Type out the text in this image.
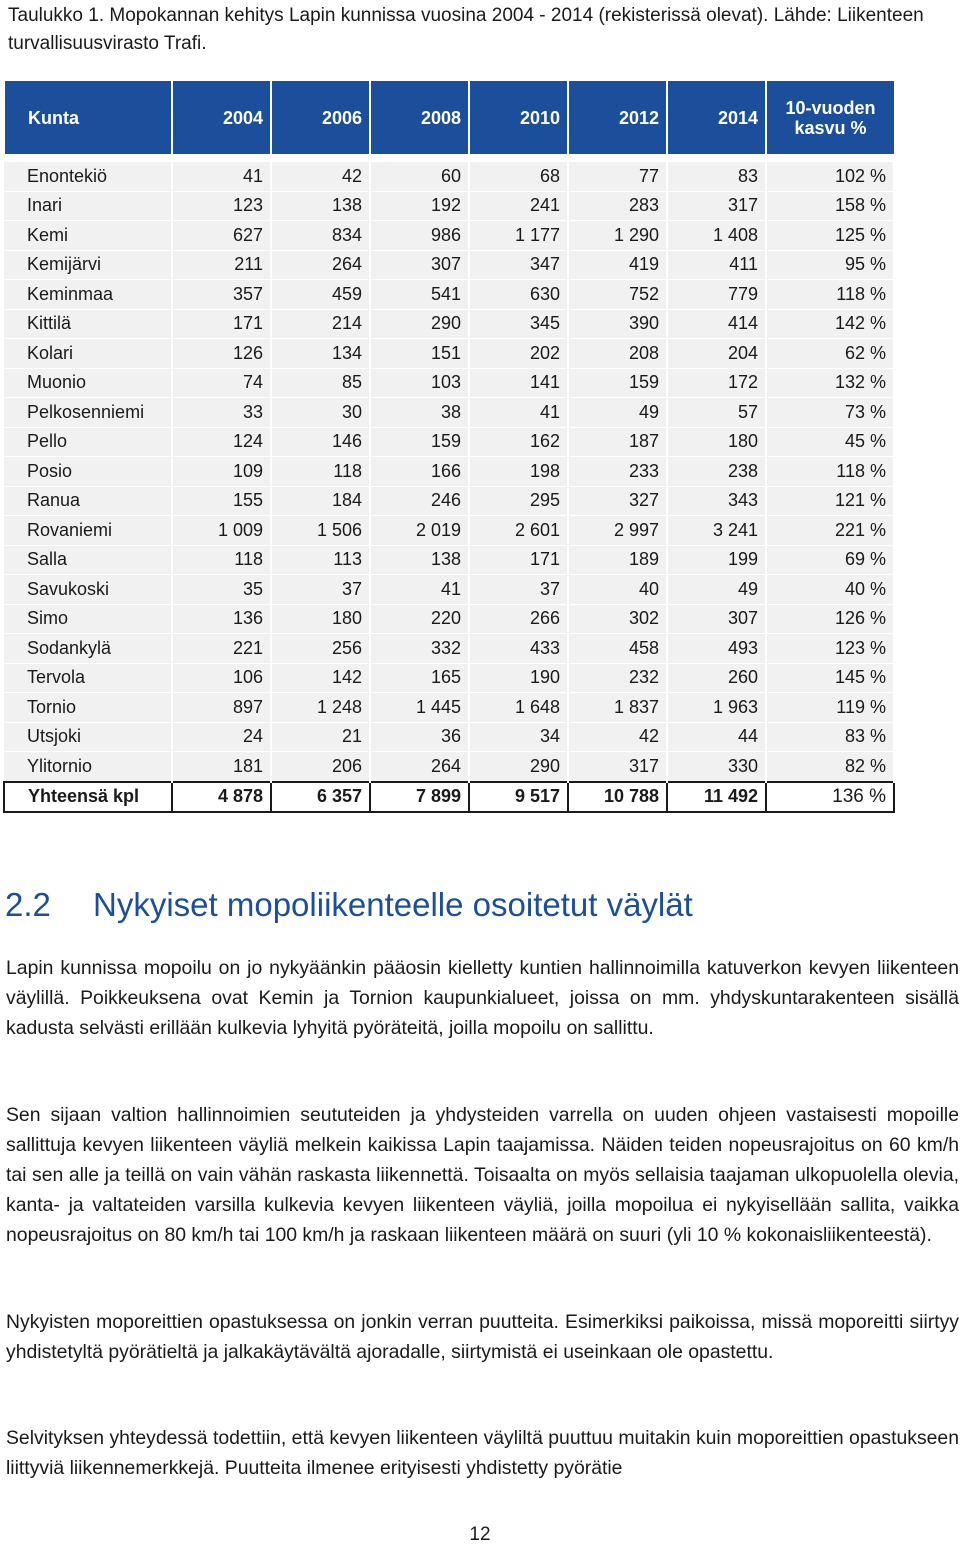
Taulukko 1. Mopokannan kehitys Lapin kunnissa vuosina 2004 - 2014 (rekisterissä olevat). Lähde: Liikenteen turvallisuusvirasto Trafi.
Kunta	2004	2006	2008	2010	2012	2014	10-vuoden
kasvu %

Enontekiö	41	42	60	68	77	83	102 %
Inari	123	138	192	241	283	317	158 %
Kemi	627	834	986	1 177	1 290	1 408	125 %
Kemijärvi	211	264	307	347	419	411	95 %
Keminmaa	357	459	541	630	752	779	118 %
Kittilä	171	214	290	345	390	414	142 %
Kolari	126	134	151	202	208	204	62 %
Muonio	74	85	103	141	159	172	132 %
Pelkosenniemi	33	30	38	41	49	57	73 %
Pello	124	146	159	162	187	180	45 %
Posio	109	118	166	198	233	238	118 %
Ranua	155	184	246	295	327	343	121 %
Rovaniemi	1 009	1 506	2 019	2 601	2 997	3 241	221 %
Salla	118	113	138	171	189	199	69 %
Savukoski	35	37	41	37	40	49	40 %
Simo	136	180	220	266	302	307	126 %
Sodankylä	221	256	332	433	458	493	123 %
Tervola	106	142	165	190	232	260	145 %
Tornio	897	1 248	1 445	1 648	1 837	1 963	119 %
Utsjoki	24	21	36	34	42	44	83 %
Ylitornio	181	206	264	290	317	330	82 %
Yhteensä kpl	4 878	6 357	7 899	9 517	10 788	11 492	136 %
2.2 Nykyiset mopoliikenteelle osoitetut väylät

Lapin kunnissa mopoilu on jo nykyäänkin pääosin kielletty kuntien hallinnoimilla katuverkon kevyen liikenteen väylillä. Poikkeuksena ovat Kemin ja Tornion kaupunkialueet, joissa on mm. yhdyskuntarakenteen sisällä kadusta selvästi erillään kulkevia lyhyitä pyöräteitä, joilla mopoilu on sallittu.

Sen sijaan valtion hallinnoimien seututeiden ja yhdysteiden varrella on uuden ohjeen vastaisesti mopoille sallittuja kevyen liikenteen väyliä melkein kaikissa Lapin taajamissa. Näiden teiden nopeusrajoitus on 60 km/h tai sen alle ja teillä on vain vähän raskasta liikennettä. Toisaalta on myös sellaisia taajaman ulkopuolella olevia, kanta- ja valtateiden varsilla kulkevia kevyen liikenteen väyliä, joilla mopoilua ei nykyisellään sallita, vaikka nopeusrajoitus on 80 km/h tai 100 km/h ja raskaan liikenteen määrä on suuri (yli 10 % kokonaisliikenteestä).

Nykyisten moporeittien opastuksessa on jonkin verran puutteita. Esimerkiksi paikoissa, missä moporeitti siirtyy yhdistetyltä pyörätieltä ja jalkakäytävältä ajoradalle, siirtymistä ei useinkaan ole opastettu.

Selvityksen yhteydessä todettiin, että kevyen liikenteen väyliltä puuttuu muitakin kuin moporeittien opastukseen liittyviä liikennemerkkejä. Puutteita ilmenee erityisesti yhdistetty pyörätie

12
